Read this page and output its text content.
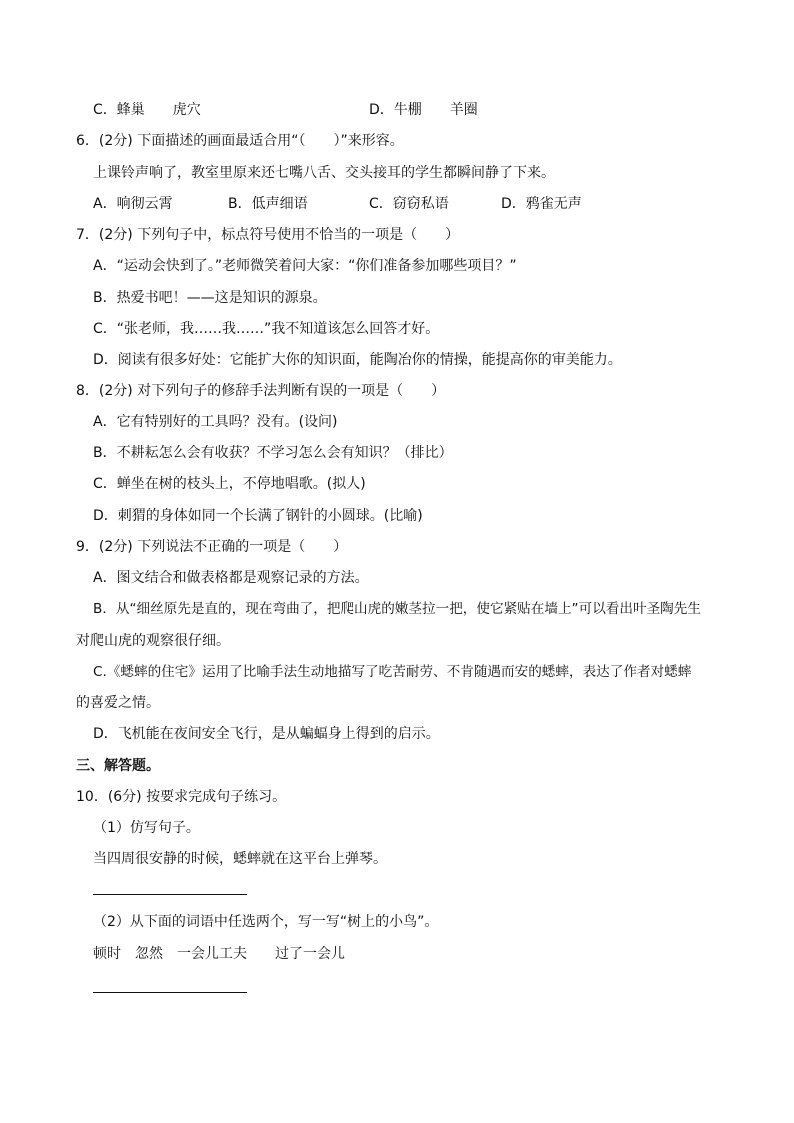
C．蜂巢　　虎穴	D．牛棚　　羊圈
6．(2分) 下面描述的画面最适合用“（　　）”来形容。
上课铃声响了，教室里原来还七嘴八舌、交头接耳的学生都瞬间静了下来。
A．响彻云霄	B．低声细语	C．窃窃私语	D．鸦雀无声
7．(2分) 下列句子中，标点符号使用不恰当的一项是（　　）
A．“运动会快到了。”老师微笑着问大家：“你们准备参加哪些项目？”
B．热爱书吧！——这是知识的源泉。
C．“张老师，我……我……”我不知道该怎么回答才好。
D．阅读有很多好处：它能扩大你的知识面，能陶冶你的情操，能提高你的审美能力。
8．(2分) 对下列句子的修辞手法判断有误的一项是（　　）
A．它有特别好的工具吗？没有。(设问)
B．不耕耘怎么会有收获？不学习怎么会有知识？（排比）
C．蝉坐在树的枝头上，不停地唱歌。(拟人)
D．刺猬的身体如同一个长满了钢针的小圆球。(比喻)
9．(2分) 下列说法不正确的一项是（　　）
A．图文结合和做表格都是观察记录的方法。
B．从“细丝原先是直的，现在弯曲了，把爬山虎的嫩茎拉一把，使它紧贴在墙上”可以看出叶圣陶先生
对爬山虎的观察很仔细。
C.《蟋蟀的住宅》运用了比喻手法生动地描写了吃苦耐劳、不肯随遇而安的蟋蟀，表达了作者对蟋蟀
的喜爱之情。
D．飞机能在夜间安全飞行，是从蝙蝠身上得到的启示。
三、解答题。
10．(6分) 按要求完成句子练习。
（1）仿写句子。
当四周很安静的时候，蟋蟀就在这平台上弹琴。
（2）从下面的词语中任选两个，写一写“树上的小鸟”。
顿时　忽然　一会儿工夫　　过了一会儿
